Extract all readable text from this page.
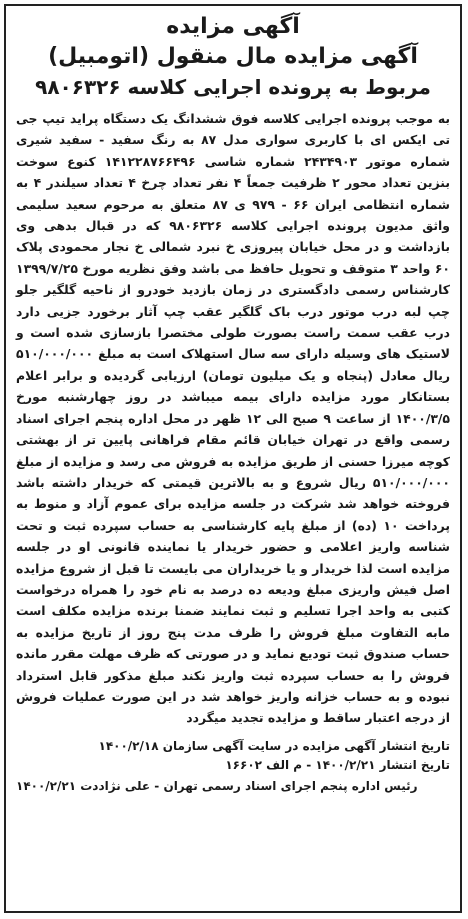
آگهی مزایده
آگهی مزایده مال منقول (اتومبیل)
مربوط به پرونده اجرایی کلاسه ۹۸۰۶۳۲۶

به موجب پرونده اجرایی کلاسه فوق ششدانگ یک دستگاه پراید تیپ جی تی ایکس ای با کاربری سواری مدل ۸۷ به رنگ سفید - سفید شیری شماره موتور ۲۴۳۴۹۰۳ شماره شاسی ۱۴۱۲۲۸۷۶۶۴۹۶ کنوع سوخت بنزین تعداد محور ۲ ظرفیت جمعاً ۴ نفر تعداد چرخ ۴ تعداد سیلندر ۴ به شماره انتظامی ایران ۶۶ - ۹۷۹ ی ۸۷ متعلق به مرحوم سعید سلیمی واثق مدیون پرونده اجرایی کلاسه ۹۸۰۶۳۲۶ که در قبال بدهی وی بازداشت و در محل خیابان پیروزی خ نبرد شمالی خ نجار محمودی پلاک ۶۰ واحد ۳ متوقف و تحویل حافظ می باشد وفق نظریه مورخ ۱۳۹۹/۷/۲۵ کارشناس رسمی دادگستری در زمان بازدید خودرو از ناحیه گلگیر جلو چپ لبه درب موتور درب باک گلگیر عقب چپ آثار برخورد جزیی دارد درب عقب سمت راست بصورت طولی مختصرا بازسازی شده است و لاستیک های وسیله دارای سه سال استهلاک است به مبلغ ۵۱۰/۰۰۰/۰۰۰ ریال معادل (پنجاه و یک میلیون تومان) ارزیابی گردیده و برابر اعلام بستانکار مورد مزایده دارای بیمه میباشد در روز چهارشنبه مورخ ۱۴۰۰/۳/۵ از ساعت ۹ صبح الی ۱۲ ظهر در محل اداره پنجم اجرای اسناد رسمی واقع در تهران خیابان قائم مقام فراهانی پایین تر از بهشتی کوچه میرزا حسنی از طریق مزایده به فروش می رسد و مزایده از مبلغ ۵۱۰/۰۰۰/۰۰۰ ریال شروع و به بالاترین قیمتی که خریدار داشته باشد فروخته خواهد شد شرکت در جلسه مزایده برای عموم آزاد و منوط به پرداخت ۱۰ (ده) از مبلغ پایه کارشناسی به حساب سپرده ثبت و تحت شناسه واریز اعلامی و حضور خریدار یا نماینده قانونی او در جلسه مزایده است لذا خریدار و یا خریداران می بایست تا قبل از شروع مزایده اصل فیش واریزی مبلغ ودیعه ده درصد به نام خود را همراه درخواست کتبی به واحد اجرا تسلیم و ثبت نمایند ضمنا برنده مزایده مکلف است مابه التفاوت مبلغ فروش را ظرف مدت پنج روز از تاریخ مزایده به حساب صندوق ثبت تودیع نماید و در صورتی که ظرف مهلت مقرر مانده فروش را به حساب سپرده ثبت واریز نکند مبلغ مذکور قابل استرداد نبوده و به حساب خزانه واریز خواهد شد در این صورت عملیات فروش از درجه اعتبار ساقط و مزایده تجدید میگردد

تاریخ انتشار آگهی مزایده در سایت آگهی سازمان ۱۴۰۰/۲/۱۸
تاریخ انتشار ۱۴۰۰/۲/۲۱ - م الف ۱۶۶۰۲
رئیس اداره پنجم اجرای اسناد رسمی تهران - علی نژاد
دت ۱۴۰۰/۲/۲۱
